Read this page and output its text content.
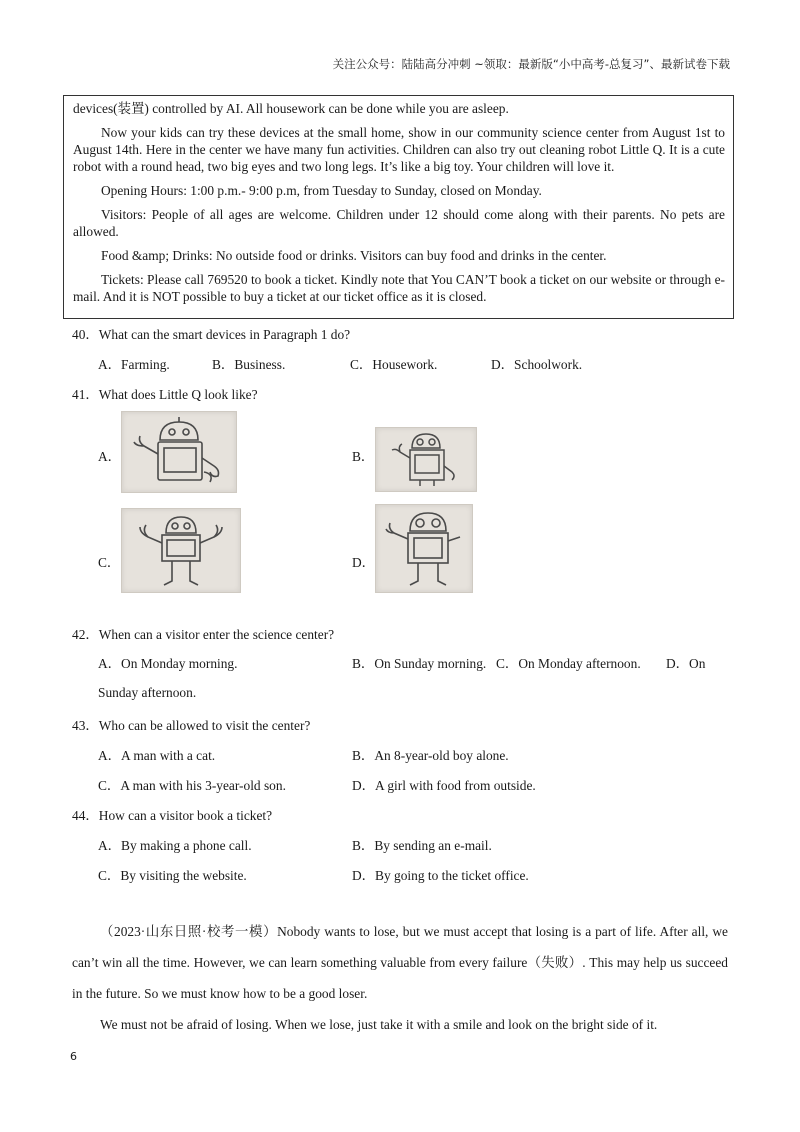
关注公众号：陆陆高分冲刺 ~领取：最新版“小中高考-总复习”、最新试卷下载

devices(装置) controlled by AI. All housework can be done while you are asleep.

Now your kids can try these devices at the small home, show in our community science center from August 1st to August 14th. Here in the center we have many fun activities. Children can also try out cleaning robot Little Q. It is a cute robot with a round head, two big eyes and two long legs. It’s like a big toy. Your children will love it.

Opening Hours: 1:00 p.m.- 9:00 p.m, from Tuesday to Sunday, closed on Monday.

Visitors: People of all ages are welcome. Children under 12 should come along with their parents. No pets are allowed.

Food &amp; Drinks: No outside food or drinks. Visitors can buy food and drinks in the center.

Tickets: Please call 769520 to book a ticket. Kindly note that You CAN’T book a ticket on our website or through e-mail. And it is NOT possible to buy a ticket at our ticket office as it is closed.

40．What can the smart devices in Paragraph 1 do?
A．Farming.	B．Business.	C．Housework.	D．Schoolwork.
41．What does Little Q look like?
A．	B．
C．	D．
42．When can a visitor enter the science center?
A．On Monday morning.	B．On Sunday morning. C．On Monday afternoon. D．On
Sunday afternoon.
43．Who can be allowed to visit the center?
A．A man with a cat.	B．An 8-year-old boy alone.
C．A man with his 3-year-old son.	D．A girl with food from outside.
44．How can a visitor book a ticket?
A．By making a phone call.	B．By sending an e-mail.
C．By visiting the website.	D．By going to the ticket office.

（2023·山东日照·校考一模）Nobody wants to lose, but we must accept that losing is a part of life. After all, we can’t win all the time. However, we can learn something valuable from every failure（失败）. This may help us succeed in the future. So we must know how to be a good loser.

We must not be afraid of losing. When we lose, just take it with a smile and look on the bright side of it.

6
